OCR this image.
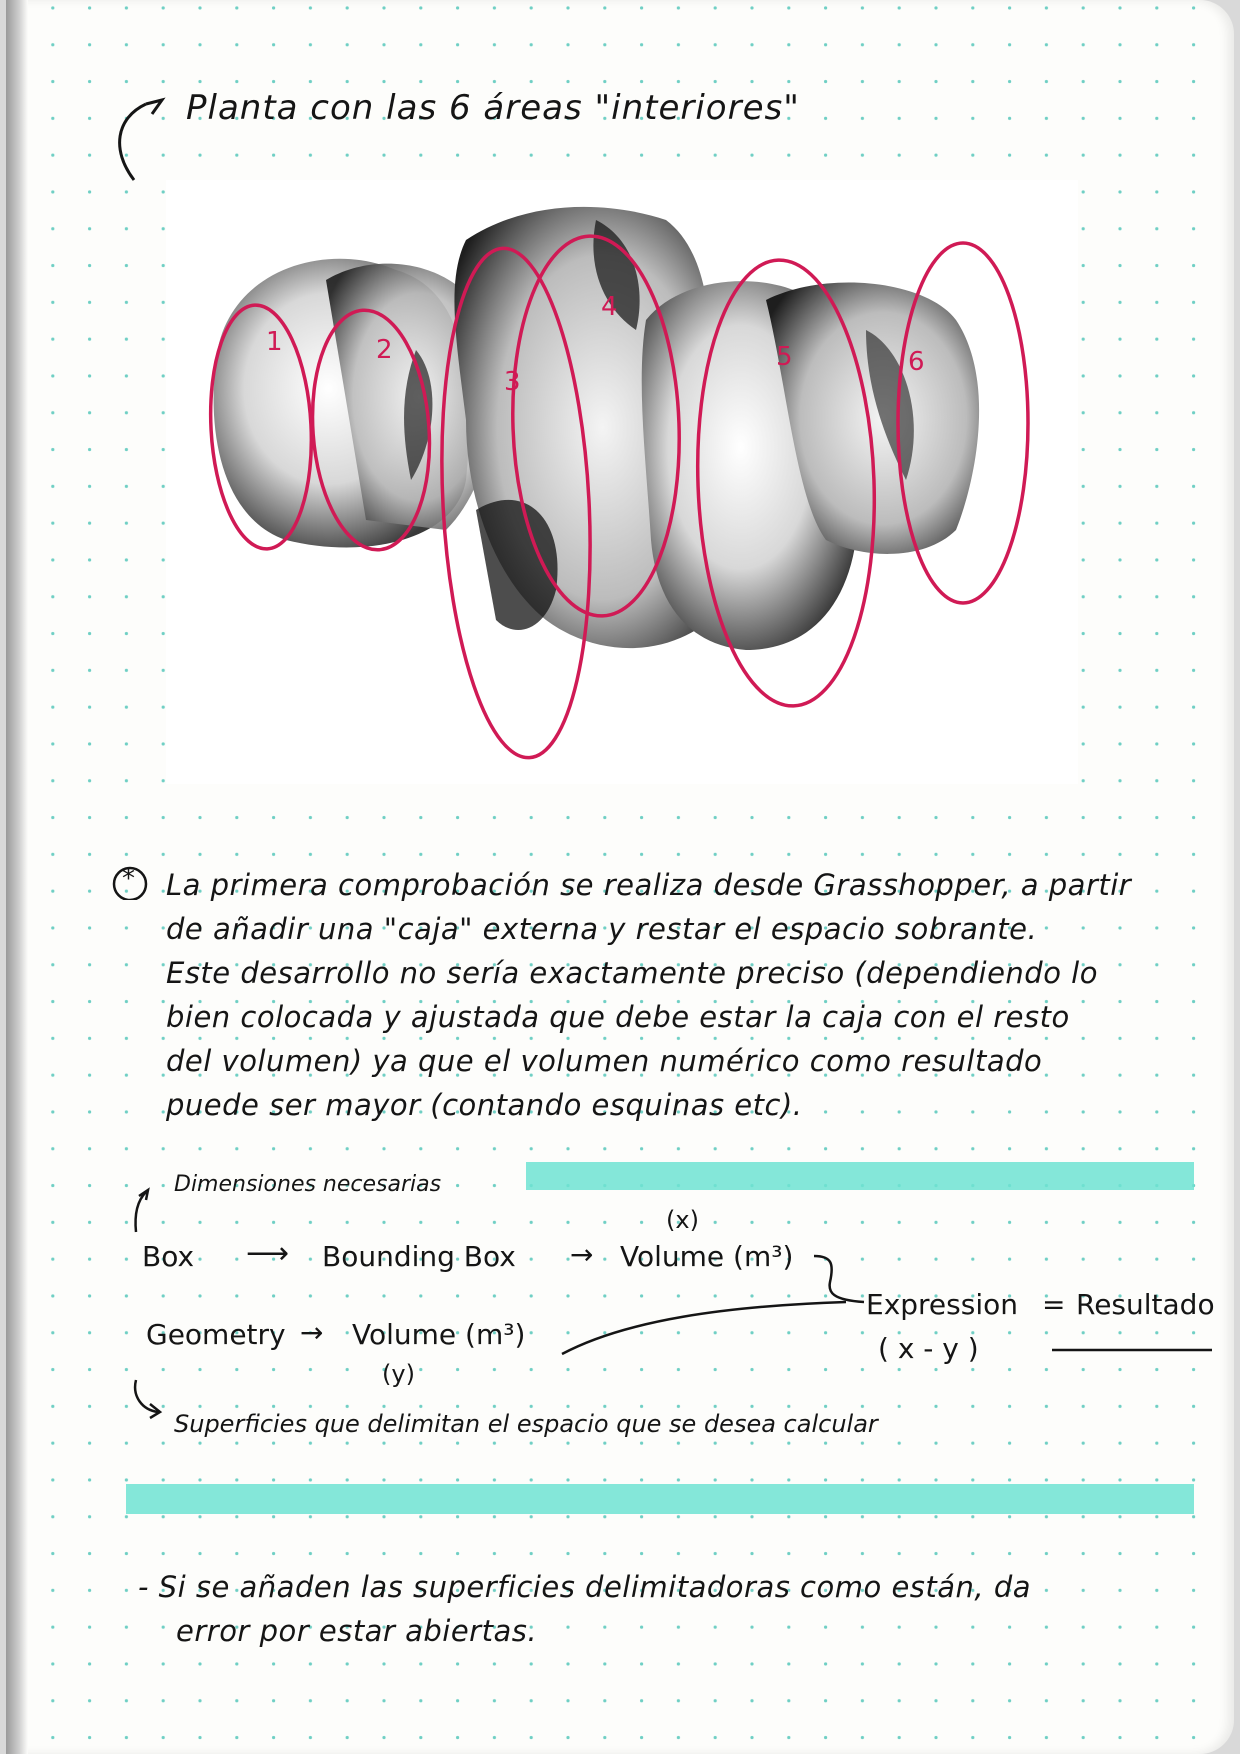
Planta con las 6 áreas "interiores"
1	2
3
4
5	6
* La primera comprobación se realiza desde Grasshopper, a partir
de añadir una "caja" externa y restar el espacio sobrante.
Este desarrollo no sería exactamente preciso (dependiendo lo
bien colocada y ajustada que debe estar la caja con el resto
del volumen) ya que el volumen numérico como resultado
puede ser mayor (contando esquinas etc).
Dimensiones necesarias
(x)
Box ⟶ Bounding Box → Volume (m³)
Expression = Resultado
( x - y )
Geometry → Volume (m³)
(y)
Superficies que delimitan el espacio que se desea calcular
- Si se añaden las superficies delimitadoras como están, da
error por estar abiertas.
